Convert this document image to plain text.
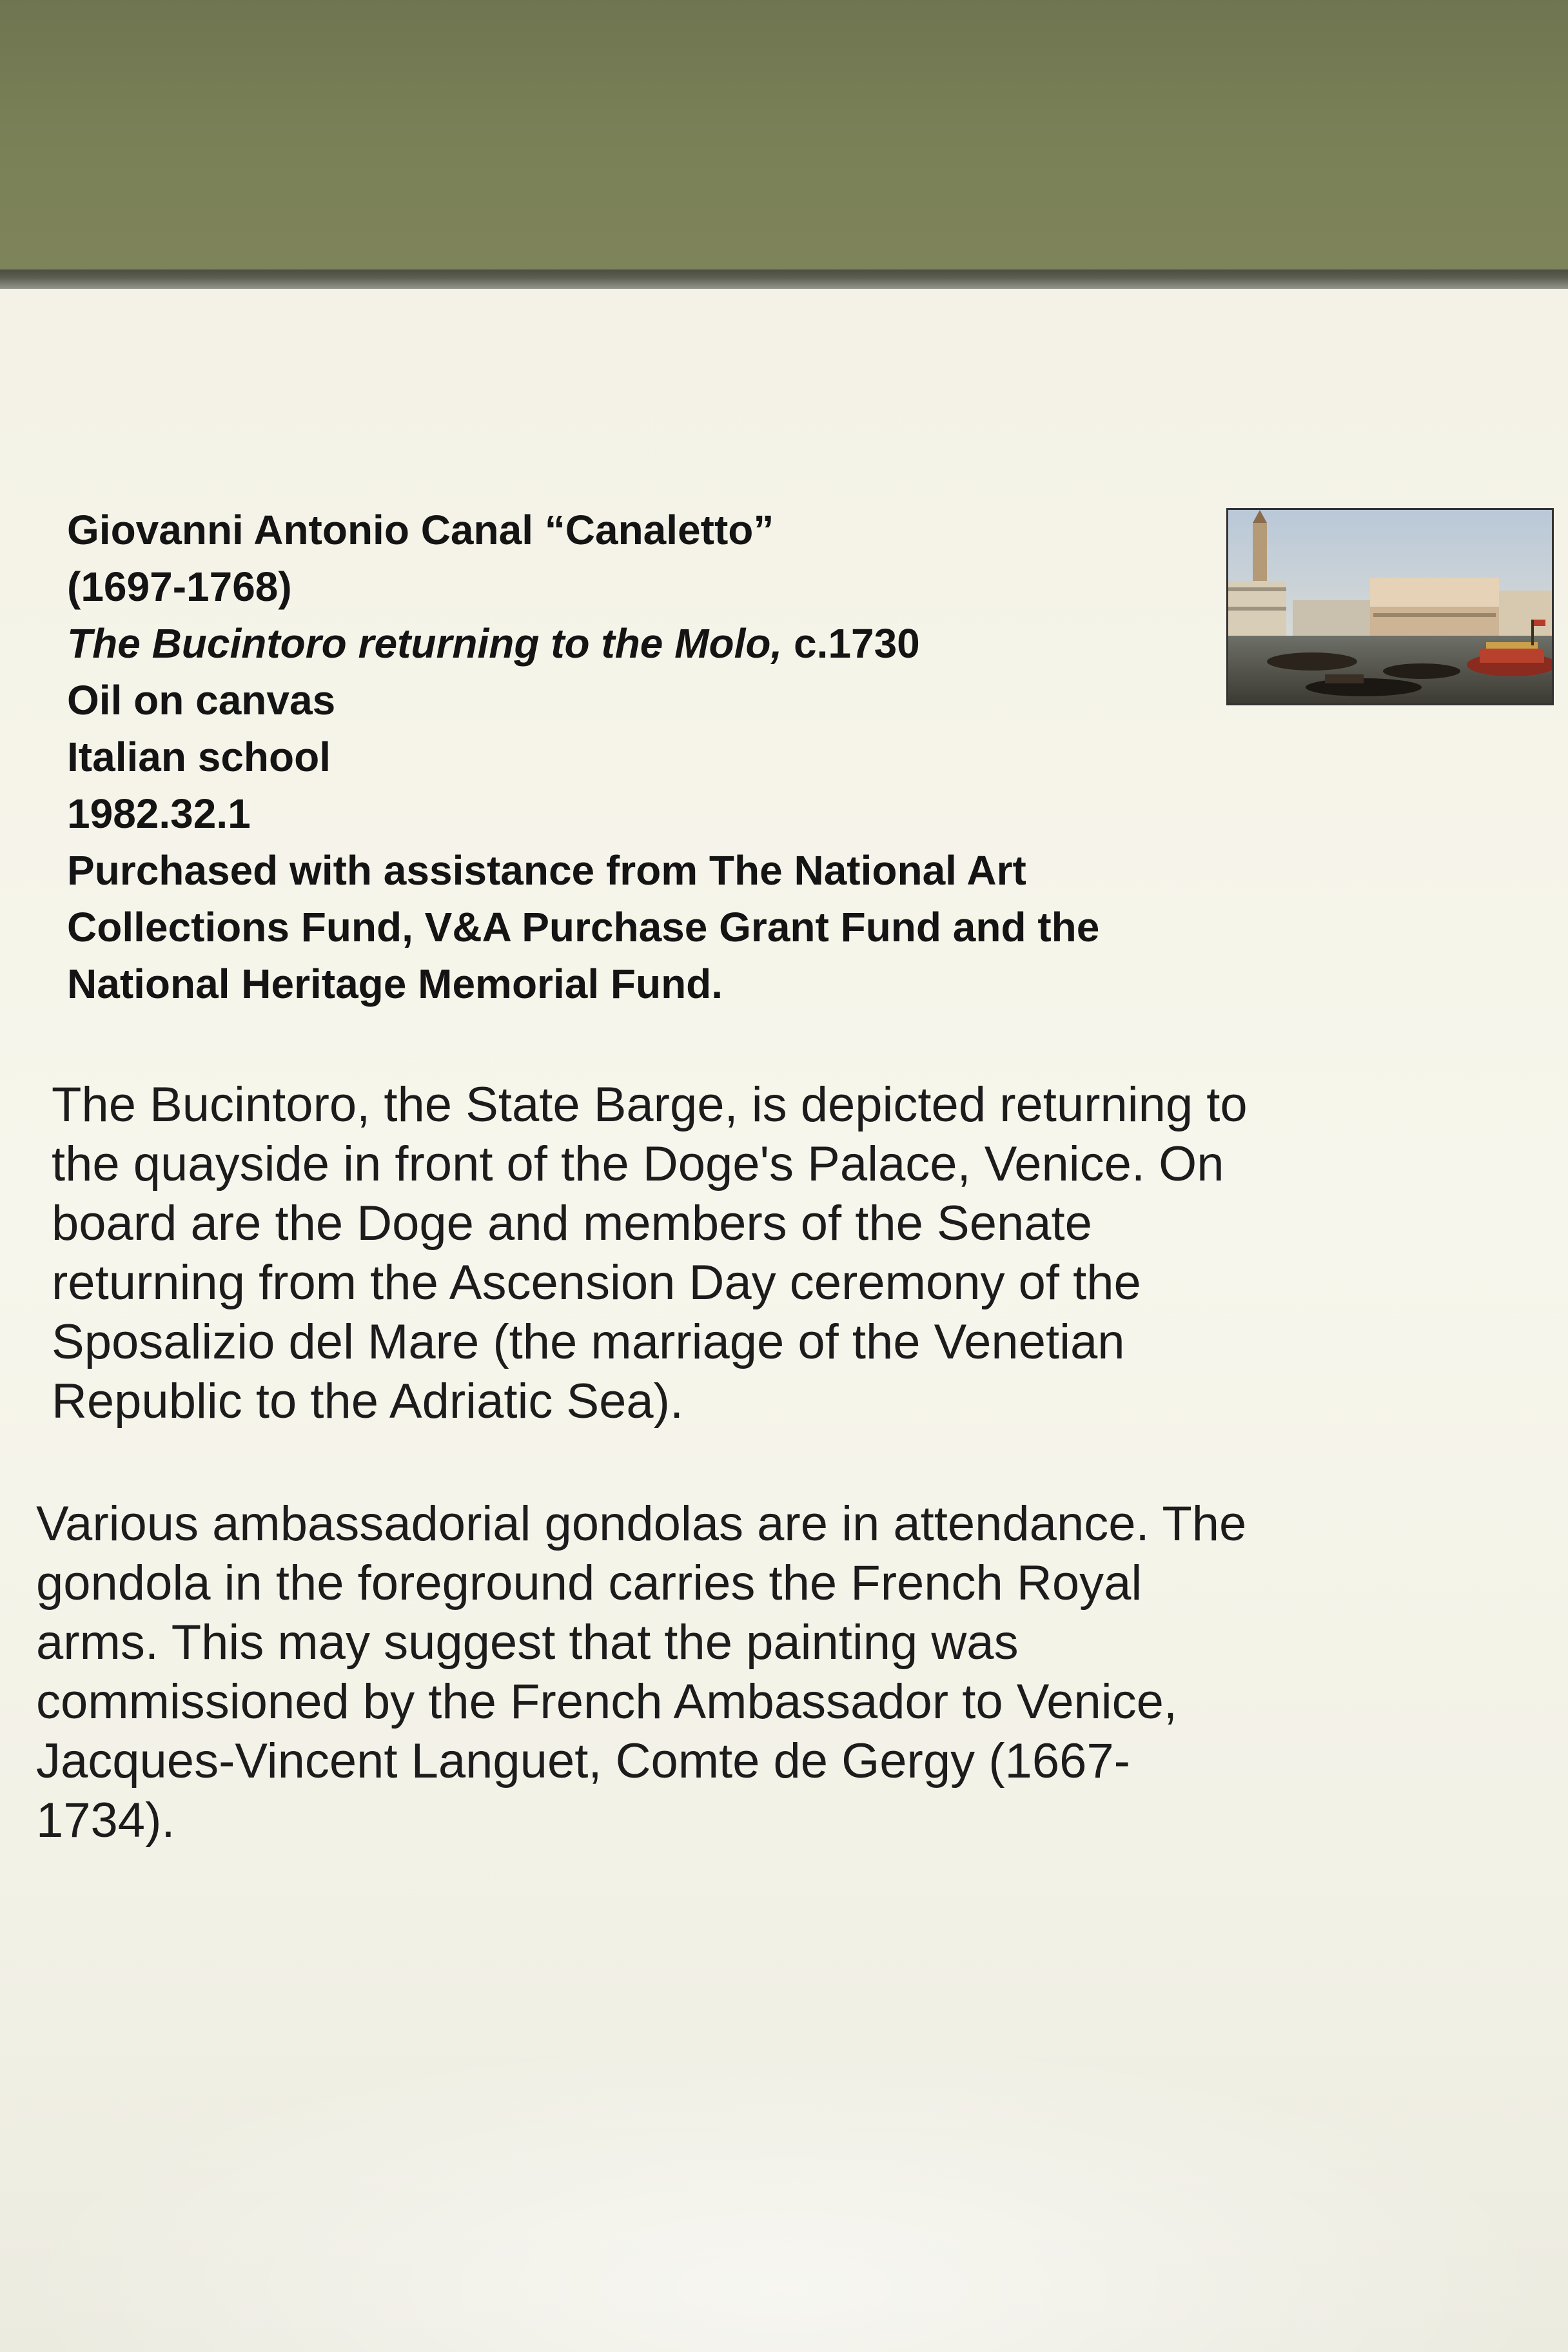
Giovanni Antonio Canal “Canaletto”
(1697-1768)
The Bucintoro returning to the Molo, c.1730
Oil on canvas
Italian school
1982.32.1
Purchased with assistance from The National Art
Collections Fund, V&A Purchase Grant Fund and the
National Heritage Memorial Fund.
The Bucintoro, the State Barge, is depicted returning to
the quayside in front of the Doge's Palace, Venice. On
board are the Doge and members of the Senate
returning from the Ascension Day ceremony of the
Sposalizio del Mare (the marriage of the Venetian
Republic to the Adriatic Sea).
Various ambassadorial gondolas are in attendance. The
gondola in the foreground carries the French Royal
arms. This may suggest that the painting was
commissioned by the French Ambassador to Venice,
Jacques-Vincent Languet, Comte de Gergy (1667-
1734).
